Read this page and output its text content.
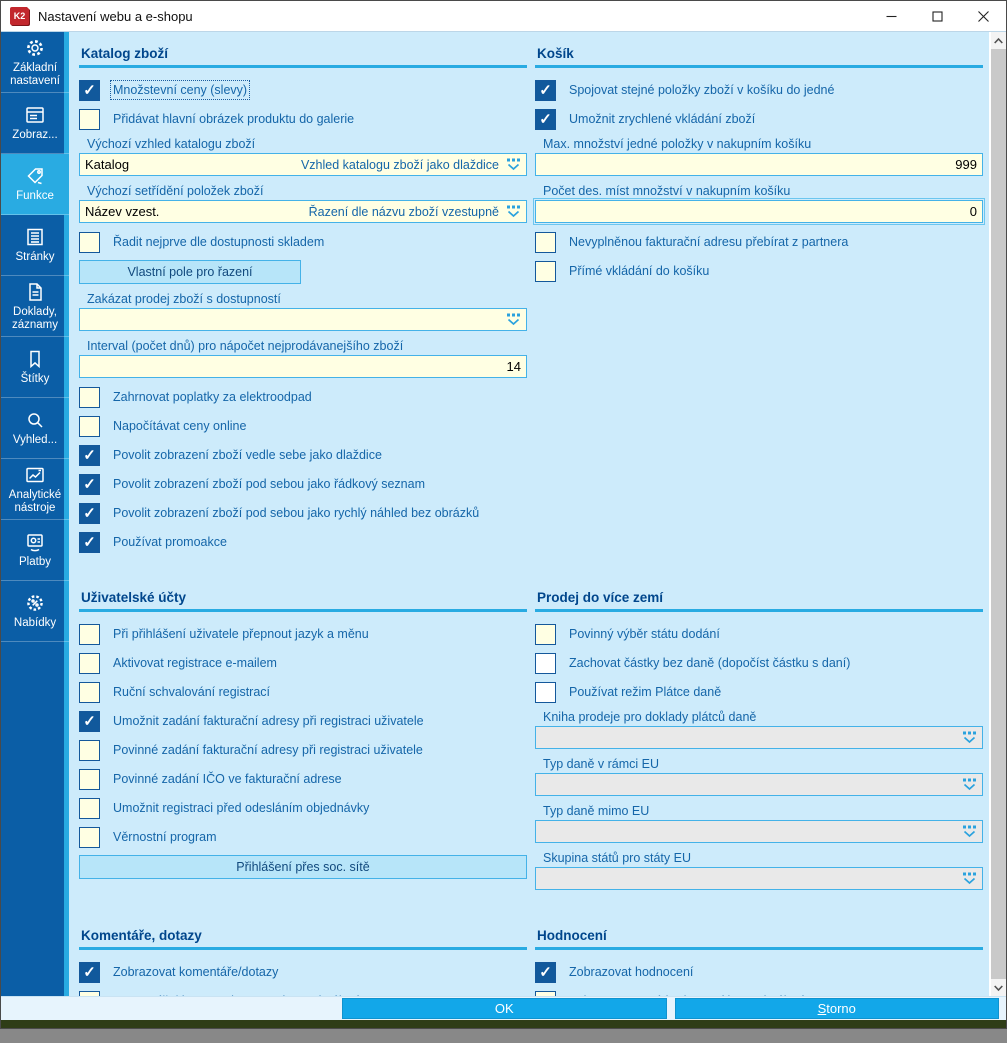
K2 Nastavení webu a e-shopu
Základní nastavení
Zobraz...
Funkce
Stránky
Doklady, záznamy
Štítky
Vyhled...
Analytické nástroje
Platby
Nabídky
Katalog zboží
✓ Množstevní ceny (slevy)
Přidávat hlavní obrázek produktu do galerie
Výchozí vzhled katalogu zboží
Katalog	Vzhled katalogu zboží jako dlaždice
Výchozí setřídění položek zboží
Název vzest.	Řazení dle názvu zboží vzestupně
Řadit nejprve dle dostupnosti skladem
Vlastní pole pro řazení
Zakázat prodej zboží s dostupností
Interval (počet dnů) pro nápočet nejprodávanejšího zboží
14
Zahrnovat poplatky za elektroodpad
Napočítávat ceny online
✓ Povolit zobrazení zboží vedle sebe jako dlaždice
✓ Povolit zobrazení zboží pod sebou jako řádkový seznam
✓ Povolit zobrazení zboží pod sebou jako rychlý náhled bez obrázků
✓ Používat promoakce
Košík
✓ Spojovat stejné položky zboží v košíku do jedné
✓ Umožnit zrychlené vkládání zboží
Max. množství jedné položky v nakupním košíku
999
Počet des. míst množství v nakupním košíku
0
Nevyplněnou fakturační adresu přebírat z partnera
Přímé vkládání do košíku
Uživatelské účty
Při přihlášení uživatele přepnout jazyk a měnu
Aktivovat registrace e-mailem
Ruční schvalování registrací
✓ Umožnit zadání fakturační adresy při registraci uživatele
Povinné zadání fakturační adresy při registraci uživatele
Povinné zadání IČO ve fakturační adrese
Umožnit registraci před odesláním objednávky
Věrnostní program
Přihlášení přes soc. sítě
Prodej do více zemí
Povinný výběr státu dodání
Zachovat částky bez daně (dopočíst částku s daní)
Používat režim Plátce daně
Kniha prodeje pro doklady plátců daně
Typ daně v rámci EU
Typ daně mimo EU
Skupina států pro státy EU
Komentáře, dotazy
✓ Zobrazovat komentáře/dotazy
Hodnocení
✓ Zobrazovat hodnocení
OK	S torno
